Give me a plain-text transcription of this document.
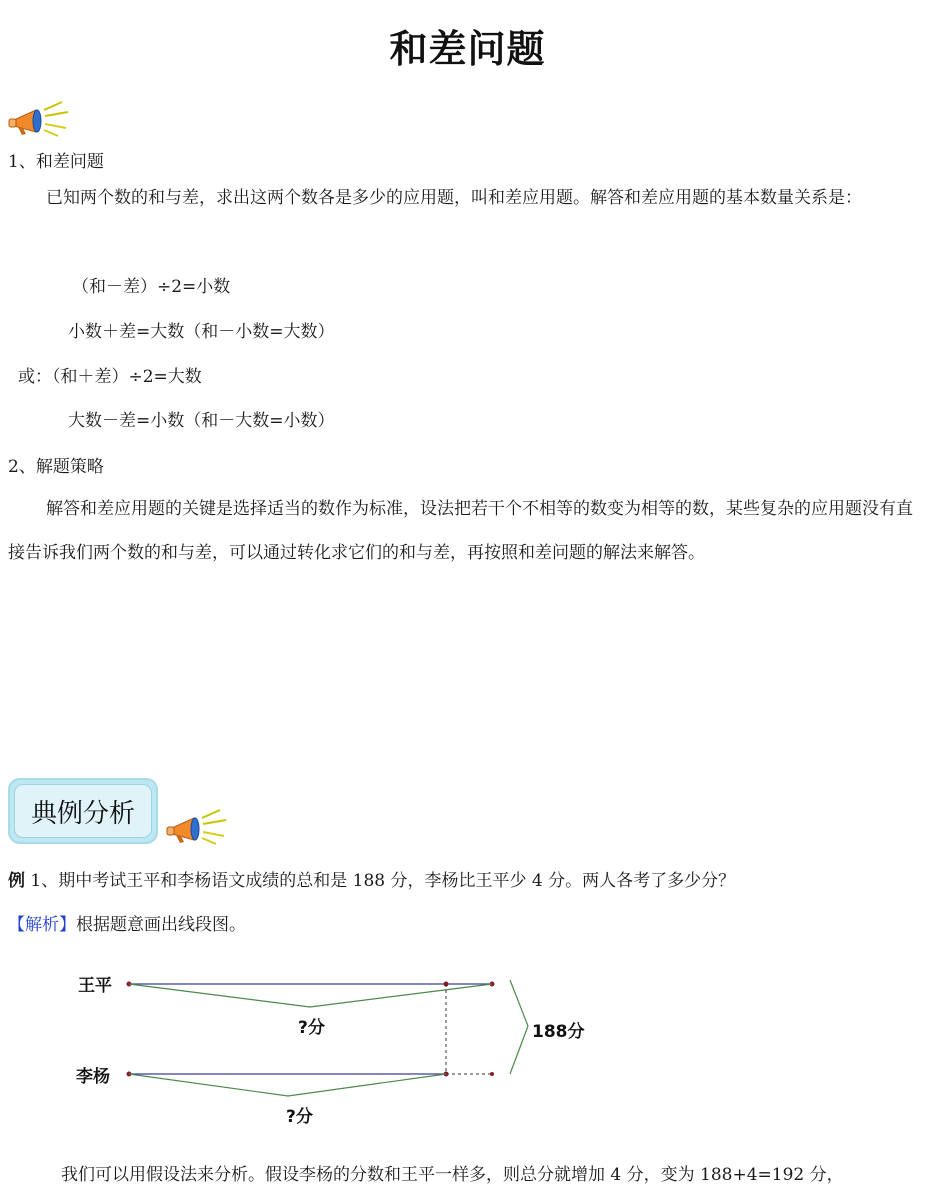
和差问题
1、和差问题
已知两个数的和与差，求出这两个数各是多少的应用题，叫和差应用题。解答和差应用题的基本数量关系是：
（和－差）÷2=小数
小数＋差=大数（和－小数=大数）
或：（和＋差）÷2=大数
大数－差=小数（和－大数=小数）
2、解题策略
解答和差应用题的关键是选择适当的数作为标准，设法把若干个不相等的数变为相等的数，某些复杂的应用题没有直接告诉我们两个数的和与差，可以通过转化求它们的和与差，再按照和差问题的解法来解答。
典例分析
例 1、期中考试王平和李杨语文成绩的总和是 188 分，李杨比王平少 4 分。两人各考了多少分？
【解析】根据题意画出线段图。
王平
李杨
?分
?分
188分
我们可以用假设法来分析。假设李杨的分数和王平一样多，则总分就增加 4 分，变为 188+4=192 分，
